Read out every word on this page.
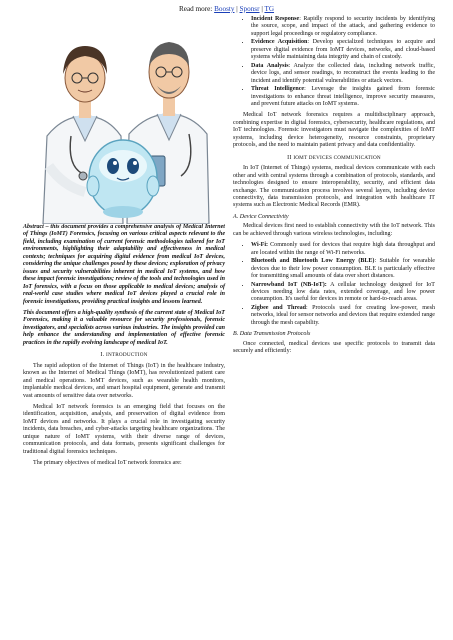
Read more: Boosty | Sponsr | TG

Abstract – this document provides a comprehensive analysis of Medical Internet of Things (IoMT) Forensics, focusing on various critical aspects relevant to the field, including examination of current forensic methodologies tailored for IoT environments, highlighting their adaptability and effectiveness in medical contexts; techniques for acquiring digital evidence from medical IoT devices, considering the unique challenges posed by these devices; exploration of privacy issues and security vulnerabilities inherent in medical IoT systems, and how these impact forensic investigations; review of the tools and technologies used in IoT forensics, with a focus on those applicable to medical devices; analysis of real-world case studies where medical IoT devices played a crucial role in forensic investigations, providing practical insights and lessons learned.

This document offers a high-quality synthesis of the current state of Medical IoT Forensics, making it a valuable resource for security professionals, forensic investigators, and specialists across various industries. The insights provided can help enhance the understanding and implementation of effective forensic practices in the rapidly evolving landscape of medical IoT.

I. INTRODUCTION

The rapid adoption of the Internet of Things (IoT) in the healthcare industry, known as the Internet of Medical Things (IoMT), has revolutionized patient care and medical operations. IoMT devices, such as wearable health monitors, implantable medical devices, and smart hospital equipment, generate and transmit vast amounts of sensitive data over networks.

Medical IoT network forensics is an emerging field that focuses on the identification, acquisition, analysis, and preservation of digital evidence from IoMT devices and networks. It plays a crucial role in investigating security incidents, data breaches, and cyber-attacks targeting healthcare organizations. The unique nature of IoMT systems, with their diverse range of devices, communication protocols, and data formats, presents significant challenges for traditional digital forensics techniques.

The primary objectives of medical IoT network forensics are:

• Incident Response: Rapidly respond to security incidents by identifying the source, scope, and impact of the attack, and gathering evidence to support legal proceedings or regulatory compliance.
• Evidence Acquisition: Develop specialized techniques to acquire and preserve digital evidence from IoMT devices, networks, and cloud-based systems while maintaining data integrity and chain of custody.
• Data Analysis: Analyze the collected data, including network traffic, device logs, and sensor readings, to reconstruct the events leading to the incident and identify potential vulnerabilities or attack vectors.
• Threat Intelligence: Leverage the insights gained from forensic investigations to enhance threat intelligence, improve security measures, and prevent future attacks on IoMT systems.

Medical IoT network forensics requires a multidisciplinary approach, combining expertise in digital forensics, cybersecurity, healthcare regulations, and IoT technologies. Forensic investigators must navigate the complexities of IoMT systems, including device heterogeneity, resource constraints, proprietary protocols, and the need to maintain patient privacy and data confidentiality.

II IOMT DEVICES COMMUNICATION

In IoT (Internet of Things) systems, medical devices communicate with each other and with central systems through a combination of protocols, standards, and technologies designed to ensure interoperability, security, and efficient data exchange. The communication process involves several layers, including device connectivity, data transmission protocols, and integration with healthcare IT systems such as Electronic Medical Records (EMR).

A. Device Connectivity

Medical devices first need to establish connectivity with the IoT network. This can be achieved through various wireless technologies, including:

• Wi-Fi: Commonly used for devices that require high data throughput and are located within the range of Wi-Fi networks.
• Bluetooth and Bluetooth Low Energy (BLE): Suitable for wearable devices due to their low power consumption. BLE is particularly effective for transmitting small amounts of data over short distances.
• Narrowband IoT (NB-IoT): A cellular technology designed for IoT devices needing low data rates, extended coverage, and low power consumption. It's useful for devices in remote or hard-to-reach areas.
• Zigbee and Thread: Protocols used for creating low-power, mesh networks, ideal for sensor networks and devices that require extended range through the mesh capability.
B. Data Transmission Protocols

Once connected, medical devices use specific protocols to transmit data securely and efficiently:
